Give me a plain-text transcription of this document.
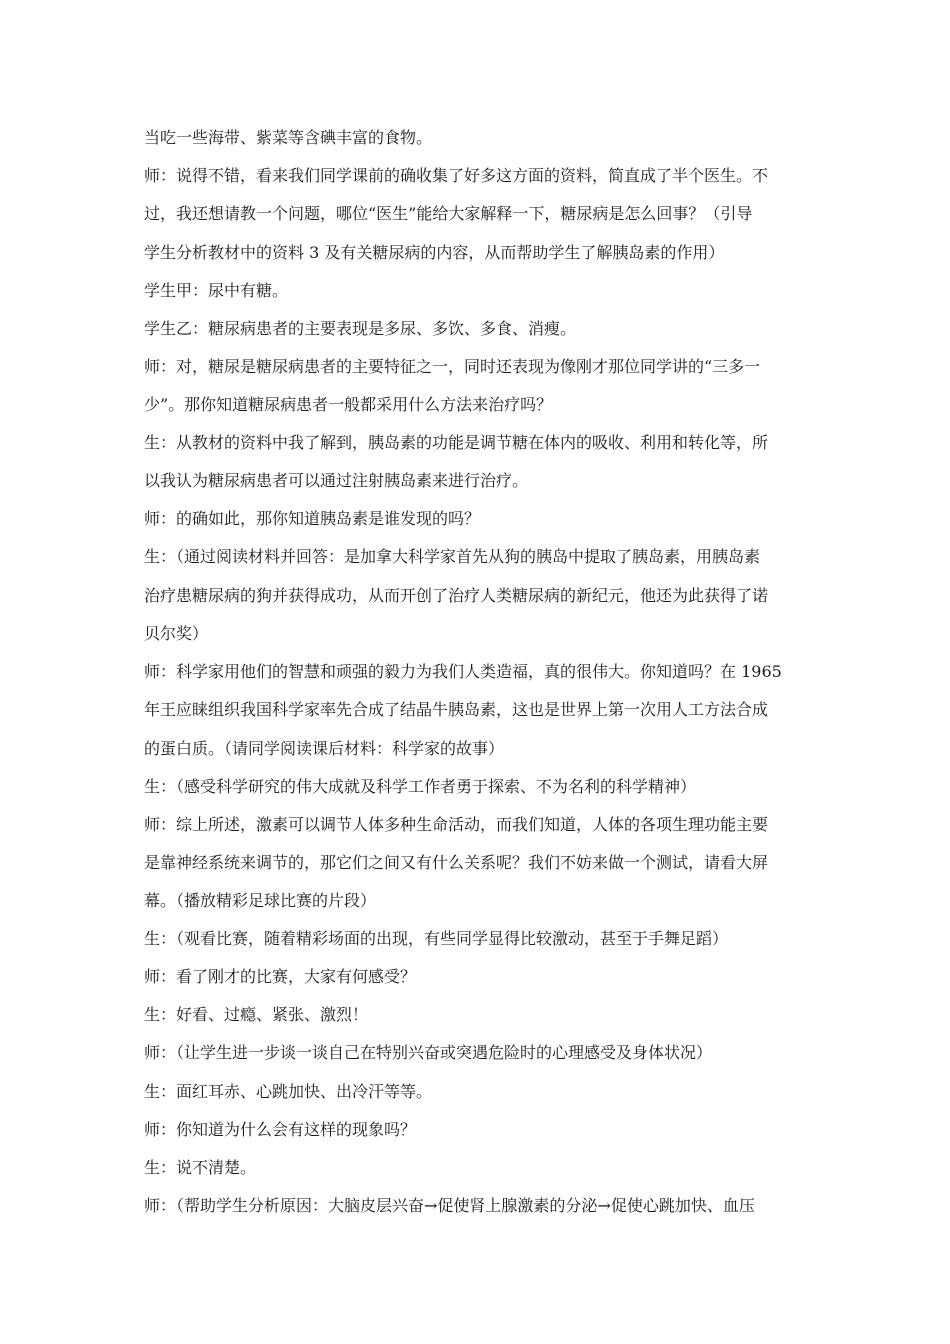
当吃一些海带、紫菜等含碘丰富的食物。
师：说得不错，看来我们同学课前的确收集了好多这方面的资料，简直成了半个医生。不
过，我还想请教一个问题，哪位“医生”能给大家解释一下，糖尿病是怎么回事？（引导
学生分析教材中的资料 3 及有关糖尿病的内容，从而帮助学生了解胰岛素的作用）
学生甲：尿中有糖。
学生乙：糖尿病患者的主要表现是多尿、多饮、多食、消瘦。
师：对，糖尿是糖尿病患者的主要特征之一，同时还表现为像刚才那位同学讲的“三多一
少”。那你知道糖尿病患者一般都采用什么方法来治疗吗？
生：从教材的资料中我了解到，胰岛素的功能是调节糖在体内的吸收、利用和转化等，所
以我认为糖尿病患者可以通过注射胰岛素来进行治疗。
师：的确如此，那你知道胰岛素是谁发现的吗？
生：（通过阅读材料并回答：是加拿大科学家首先从狗的胰岛中提取了胰岛素，用胰岛素
治疗患糖尿病的狗并获得成功，从而开创了治疗人类糖尿病的新纪元，他还为此获得了诺
贝尔奖）
师：科学家用他们的智慧和顽强的毅力为我们人类造福，真的很伟大。你知道吗？在 1965
年王应睐组织我国科学家率先合成了结晶牛胰岛素，这也是世界上第一次用人工方法合成
的蛋白质。（请同学阅读课后材料：科学家的故事）
生：（感受科学研究的伟大成就及科学工作者勇于探索、不为名利的科学精神）
师：综上所述，激素可以调节人体多种生命活动，而我们知道，人体的各项生理功能主要
是靠神经系统来调节的，那它们之间又有什么关系呢？我们不妨来做一个测试，请看大屏
幕。（播放精彩足球比赛的片段）
生：（观看比赛，随着精彩场面的出现，有些同学显得比较激动，甚至于手舞足蹈）
师：看了刚才的比赛，大家有何感受？
生：好看、过瘾、紧张、激烈！
师：（让学生进一步谈一谈自己在特别兴奋或突遇危险时的心理感受及身体状况）
生：面红耳赤、心跳加快、出冷汗等等。
师：你知道为什么会有这样的现象吗？
生：说不清楚。
师：（帮助学生分析原因：大脑皮层兴奋→促使肾上腺激素的分泌→促使心跳加快、血压
